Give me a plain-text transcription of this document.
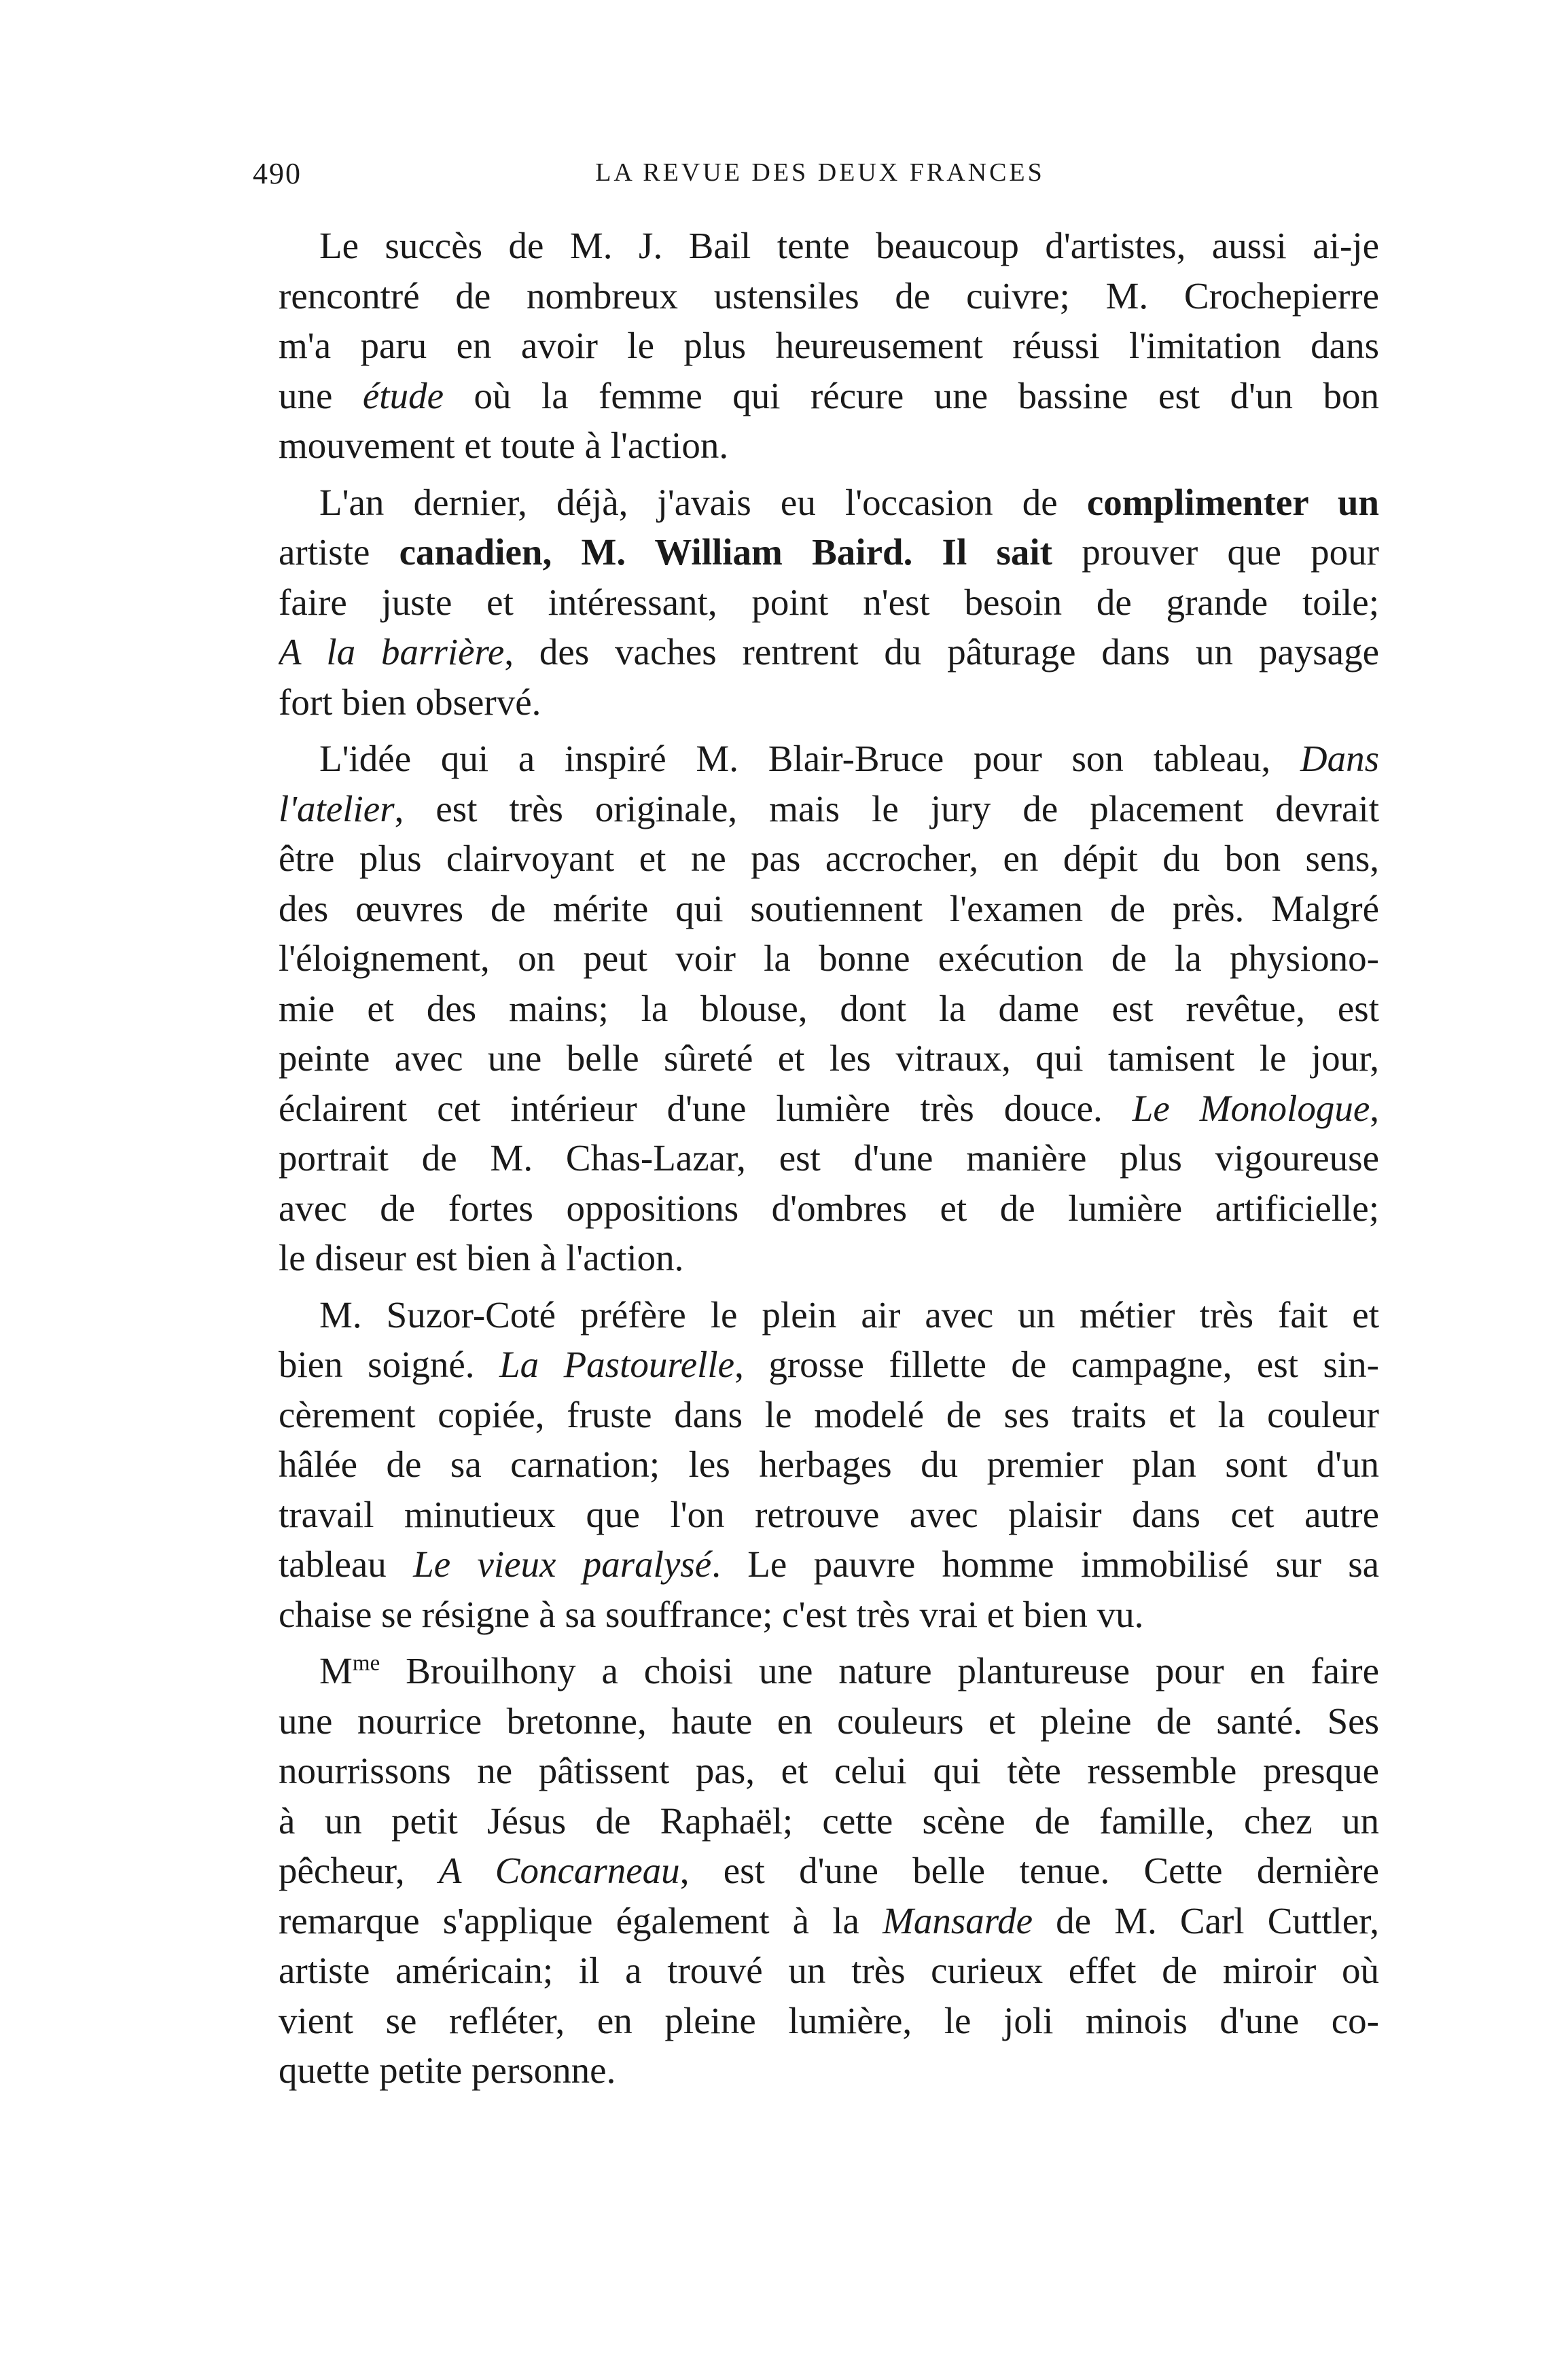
490	LA REVUE DES DEUX FRANCES
Le succès de M. J. Bail tente beaucoup d'artistes, aussi ai-je
rencontré de nombreux ustensiles de cuivre; M. Crochepierre
m'a paru en avoir le plus heureusement réussi l'imitation dans
une étude où la femme qui récure une bassine est d'un bon
mouvement et toute à l'action.
L'an dernier, déjà, j'avais eu l'occasion de complimenter un
artiste canadien, M. William Baird. Il sait prouver que pour
faire juste et intéressant, point n'est besoin de grande toile;
A la barrière, des vaches rentrent du pâturage dans un paysage
fort bien observé.
L'idée qui a inspiré M. Blair-Bruce pour son tableau, Dans
l'atelier, est très originale, mais le jury de placement devrait
être plus clairvoyant et ne pas accrocher, en dépit du bon sens,
des œuvres de mérite qui soutiennent l'examen de près. Malgré
l'éloignement, on peut voir la bonne exécution de la physiono-
mie et des mains; la blouse, dont la dame est revêtue, est
peinte avec une belle sûreté et les vitraux, qui tamisent le jour,
éclairent cet intérieur d'une lumière très douce. Le Monologue,
portrait de M. Chas-Lazar, est d'une manière plus vigoureuse
avec de fortes oppositions d'ombres et de lumière artificielle;
le diseur est bien à l'action.
M. Suzor-Coté préfère le plein air avec un métier très fait et
bien soigné. La Pastourelle, grosse fillette de campagne, est sin-
cèrement copiée, fruste dans le modelé de ses traits et la couleur
hâlée de sa carnation; les herbages du premier plan sont d'un
travail minutieux que l'on retrouve avec plaisir dans cet autre
tableau Le vieux paralysé. Le pauvre homme immobilisé sur sa
chaise se résigne à sa souffrance; c'est très vrai et bien vu.
$M^{me}$ Brouilhony a choisi une nature plantureuse pour en faire
une nourrice bretonne, haute en couleurs et pleine de santé. Ses
nourrissons ne pâtissent pas, et celui qui tète ressemble presque
à un petit Jésus de Raphaël; cette scène de famille, chez un
pêcheur, A Concarneau, est d'une belle tenue. Cette dernière
remarque s'applique également à la Mansarde de M. Carl Cuttler,
artiste américain; il a trouvé un très curieux effet de miroir où
vient se refléter, en pleine lumière, le joli minois d'une co-
quette petite personne.
